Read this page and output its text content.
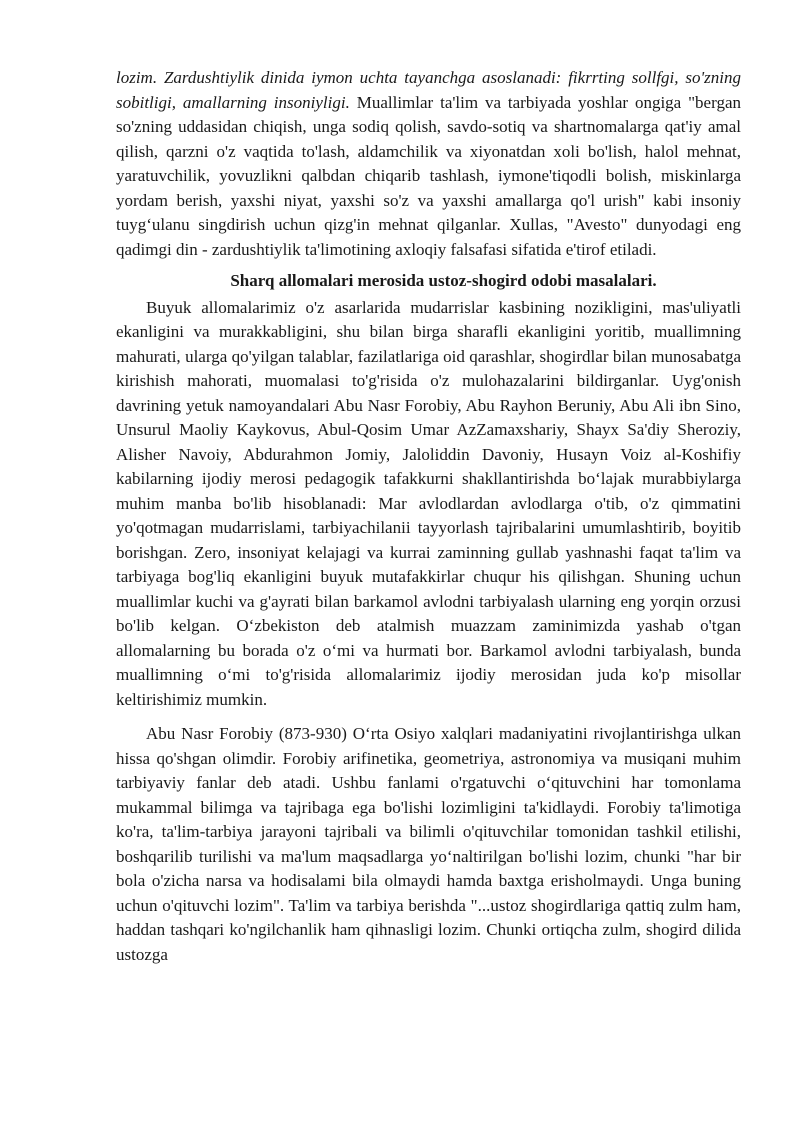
lozim. Zardushtiylik dinida iymon uchta tayanchga asoslanadi: fikrrting sollfgi, so'zning sobitligi, amallarning insoniyligi. Muallimlar ta'lim va tarbiyada yoshlar ongiga "bergan so'zning uddasidan chiqish, unga sodiq qolish, savdo-sotiq va shartnomalarga qat'iy amal qilish, qarzni o'z vaqtida to'lash, aldamchilik va xiyonatdan xoli bo'lish, halol mehnat, yaratuvchilik, yovuzlikni qalbdan chiqarib tashlash, iymone'tiqodli bolish, miskinlarga yordam berish, yaxshi niyat, yaxshi so'z va yaxshi amallarga qo'l urish" kabi insoniy tuyg‘ulanu singdirish uchun qizg'in mehnat qilganlar. Xullas, "Avesto" dunyodagi eng qadimgi din - zardushtiylik ta'limotining axloqiy falsafasi sifatida e'tirof etiladi.

Sharq allomalari merosida ustoz-shogird odobi masalalari.

Buyuk allomalarimiz o'z asarlarida mudarrislar kasbining nozikligini, mas'uliyatli ekanligini va murakkabligini, shu bilan birga sharafli ekanligini yoritib, muallimning mahurati, ularga qo'yilgan talablar, fazilatlariga oid qarashlar, shogirdlar bilan munosabatga kirishish mahorati, muomalasi to'g'risida o'z mulohazalarini bildirganlar. Uyg'onish davrining yetuk namoyandalari Abu Nasr Forobiy, Abu Rayhon Beruniy, Abu Ali ibn Sino, Unsurul Maoliy Kaykovus, Abul-Qosim Umar AzZamaxshariy, Shayx Sa'diy Sheroziy, Alisher Navoiy, Abdurahmon Jomiy, Jaloliddin Davoniy, Husayn Voiz al-Koshifiy kabilarning ijodiy merosi pedagogik tafakkurni shakllantirishda bo‘lajak murabbiylarga muhim manba bo'lib hisoblanadi: Mar avlodlardan avlodlarga o'tib, o'z qimmatini yo'qotmagan mudarrislami, tarbiyachilanii tayyorlash tajribalarini umumlashtirib, boyitib borishgan. Zero, insoniyat kelajagi va kurrai zaminning gullab yashnashi faqat ta'lim va tarbiyaga bog'liq ekanligini buyuk mutafakkirlar chuqur his qilishgan. Shuning uchun muallimlar kuchi va g'ayrati bilan barkamol avlodni tarbiyalash ularning eng yorqin orzusi bo'lib kelgan. O‘zbekiston deb atalmish muazzam zaminimizda yashab o'tgan allomalarning bu borada o'z o‘mi va hurmati bor. Barkamol avlodni tarbiyalash, bunda muallimning o‘mi to'g'risida allomalarimiz ijodiy merosidan juda ko'p misollar keltirishimiz mumkin.

Abu Nasr Forobiy (873-930) O‘rta Osiyo xalqlari madaniyatini rivojlantirishga ulkan hissa qo'shgan olimdir. Forobiy arifinetika, geometriya, astronomiya va musiqani muhim tarbiyaviy fanlar deb atadi. Ushbu fanlami o'rgatuvchi o‘qituvchini har tomonlama mukammal bilimga va tajribaga ega bo'lishi lozimligini ta'kidlaydi. Forobiy ta'limotiga ko'ra, ta'lim-tarbiya jarayoni tajribali va bilimli o'qituvchilar tomonidan tashkil etilishi, boshqarilib turilishi va ma'lum maqsadlarga yo‘naltirilgan bo'lishi lozim, chunki "har bir bola o'zicha narsa va hodisalami bila olmaydi hamda baxtga erisholmaydi. Unga buning uchun o'qituvchi lozim". Ta'lim va tarbiya berishda "...ustoz shogirdlariga qattiq zulm ham, haddan tashqari ko'ngilchanlik ham qihnasligi lozim. Chunki ortiqcha zulm, shogird dilida ustozga
